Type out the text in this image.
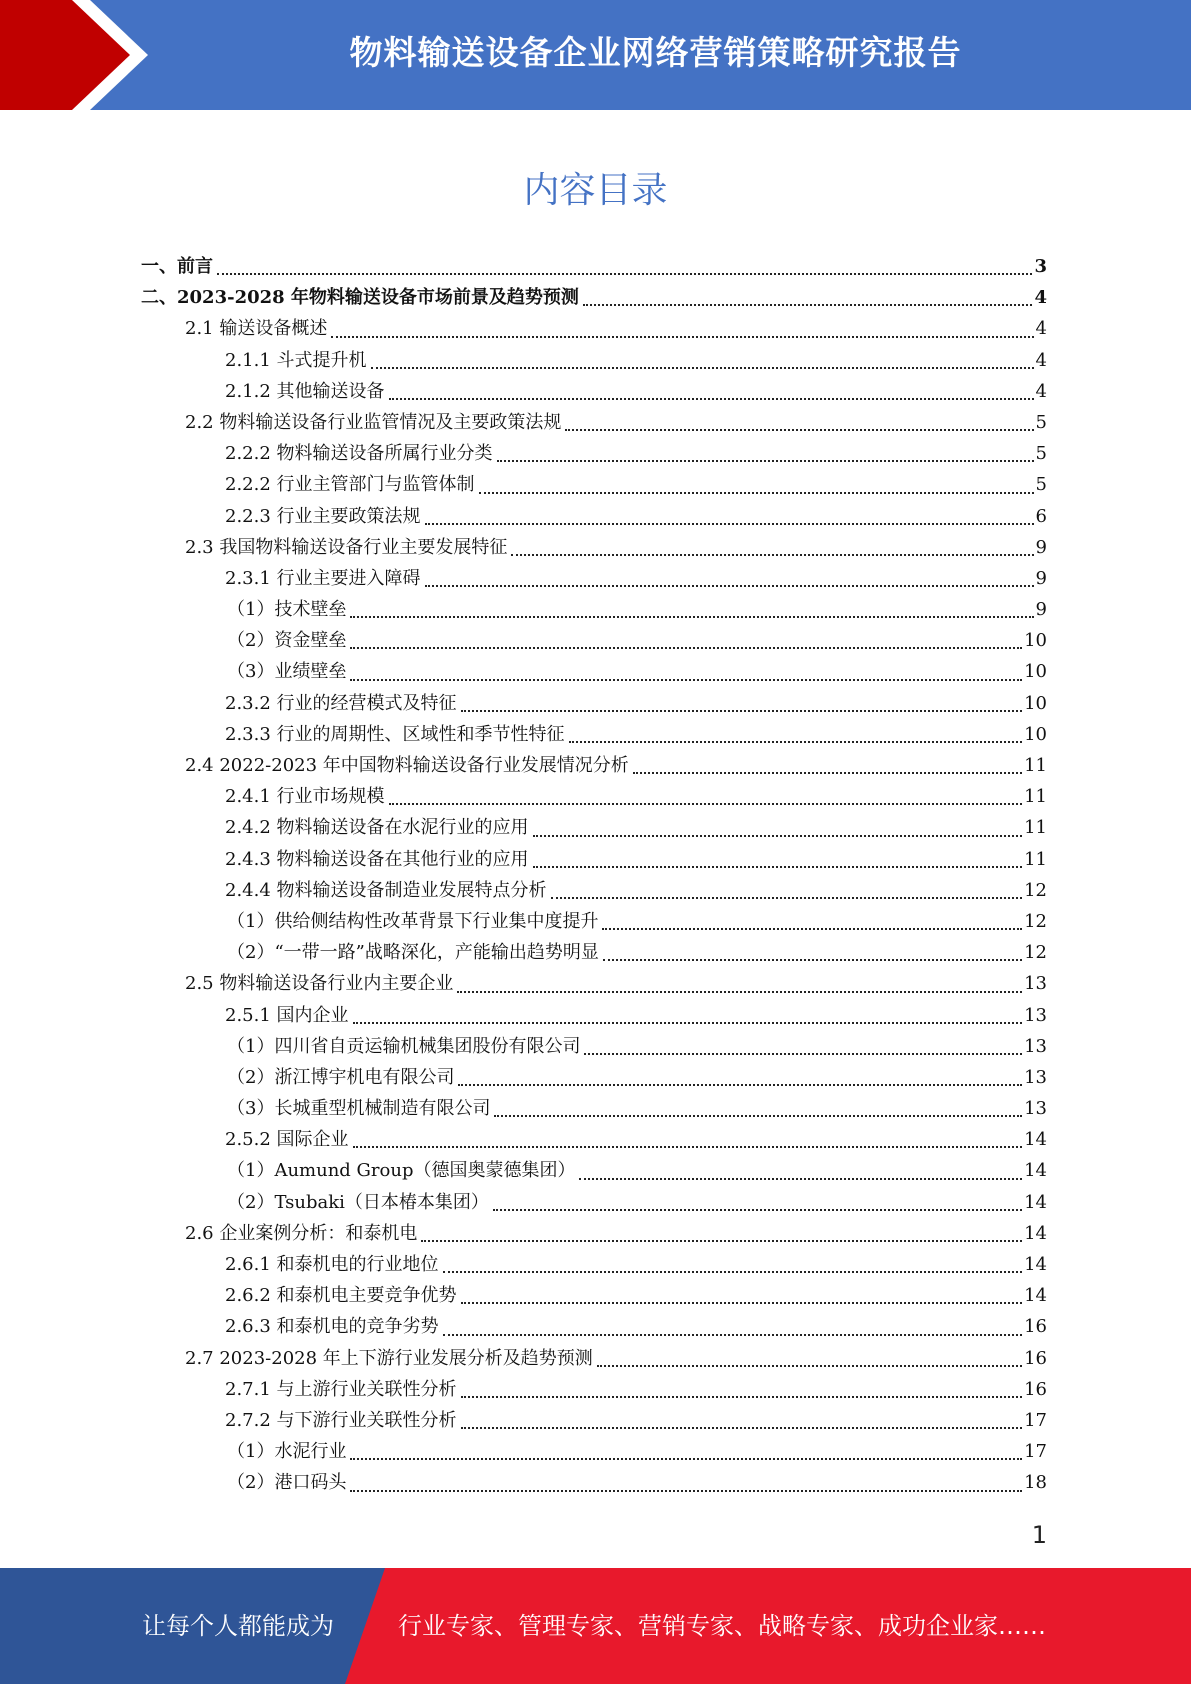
物料输送设备企业网络营销策略研究报告
内容目录
一、前言	3
二、2023-2028 年物料输送设备市场前景及趋势预测	4
2.1 输送设备概述	4
2.1.1 斗式提升机	4
2.1.2 其他输送设备	4
2.2 物料输送设备行业监管情况及主要政策法规	5
2.2.2 物料输送设备所属行业分类	5
2.2.2 行业主管部门与监管体制	5
2.2.3 行业主要政策法规	6
2.3 我国物料输送设备行业主要发展特征	9
2.3.1 行业主要进入障碍	9
（1）技术壁垒	9
（2）资金壁垒	10
（3）业绩壁垒	10
2.3.2 行业的经营模式及特征	10
2.3.3 行业的周期性、区域性和季节性特征	10
2.4 2022-2023 年中国物料输送设备行业发展情况分析	11
2.4.1 行业市场规模	11
2.4.2 物料输送设备在水泥行业的应用	11
2.4.3 物料输送设备在其他行业的应用	11
2.4.4 物料输送设备制造业发展特点分析	12
（1）供给侧结构性改革背景下行业集中度提升	12
（2）“一带一路”战略深化，产能输出趋势明显	12
2.5 物料输送设备行业内主要企业	13
2.5.1 国内企业	13
（1）四川省自贡运输机械集团股份有限公司	13
（2）浙江博宇机电有限公司	13
（3）长城重型机械制造有限公司	13
2.5.2 国际企业	14
（1）Aumund Group（德国奥蒙德集团）	14
（2）Tsubaki（日本椿本集团）	14
2.6 企业案例分析：和泰机电	14
2.6.1 和泰机电的行业地位	14
2.6.2 和泰机电主要竞争优势	14
2.6.3 和泰机电的竞争劣势	16
2.7 2023-2028 年上下游行业发展分析及趋势预测	16
2.7.1 与上游行业关联性分析	16
2.7.2 与下游行业关联性分析	17
（1）水泥行业	17
（2）港口码头	18
1
让每个人都能成为	行业专家、管理专家、营销专家、战略专家、成功企业家……
